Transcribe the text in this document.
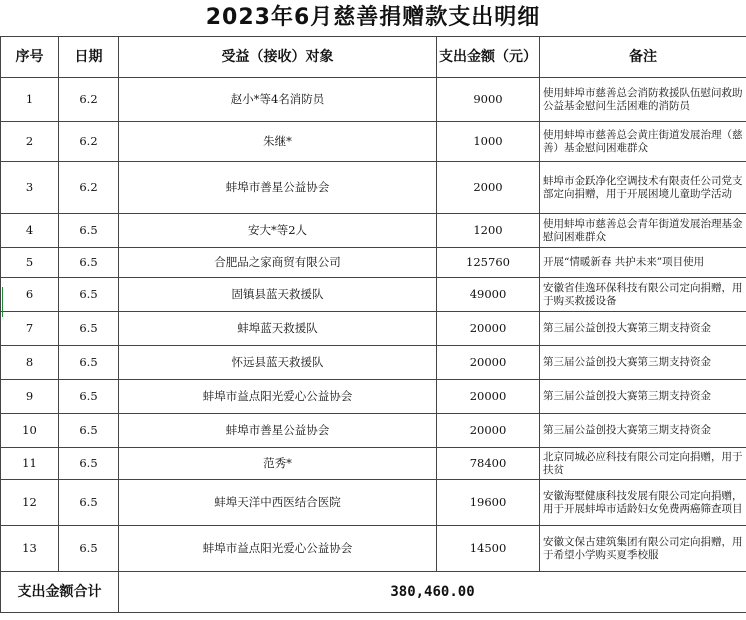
2023年6月慈善捐赠款支出明细
序号	日期	受益（接收）对象	支出金额（元）	备注
1	6.2	赵小*等4名消防员	9000	使用蚌埠市慈善总会消防救援队伍慰问救助公益基金慰问生活困难的消防员
2	6.2	朱继*	1000	使用蚌埠市慈善总会黄庄街道发展治理（慈善）基金慰问困难群众
3	6.2	蚌埠市善星公益协会	2000	蚌埠市金跃净化空调技术有限责任公司党支部定向捐赠，用于开展困境儿童助学活动
4	6.5	安大*等2人	1200	使用蚌埠市慈善总会青年街道发展治理基金慰问困难群众
5	6.5	合肥品之家商贸有限公司	125760	开展“情暖新春 共护未来”项目使用
6	6.5	固镇县蓝天救援队	49000	安徽省佳逸环保科技有限公司定向捐赠，用于购买救援设备
7	6.5	蚌埠蓝天救援队	20000	第三届公益创投大赛第三期支持资金
8	6.5	怀远县蓝天救援队	20000	第三届公益创投大赛第三期支持资金
9	6.5	蚌埠市益点阳光爱心公益协会	20000	第三届公益创投大赛第三期支持资金
10	6.5	蚌埠市善星公益协会	20000	第三届公益创投大赛第三期支持资金
11	6.5	范秀*	78400	北京同城必应科技有限公司定向捐赠，用于扶贫
12	6.5	蚌埠天洋中西医结合医院	19600	安徽海墅健康科技发展有限公司定向捐赠，用于开展蚌埠市适龄妇女免费两癌筛查项目
13	6.5	蚌埠市益点阳光爱心公益协会	14500	安徽文保古建筑集团有限公司定向捐赠，用于希望小学购买夏季校服
支出金额合计		380,460.00		
